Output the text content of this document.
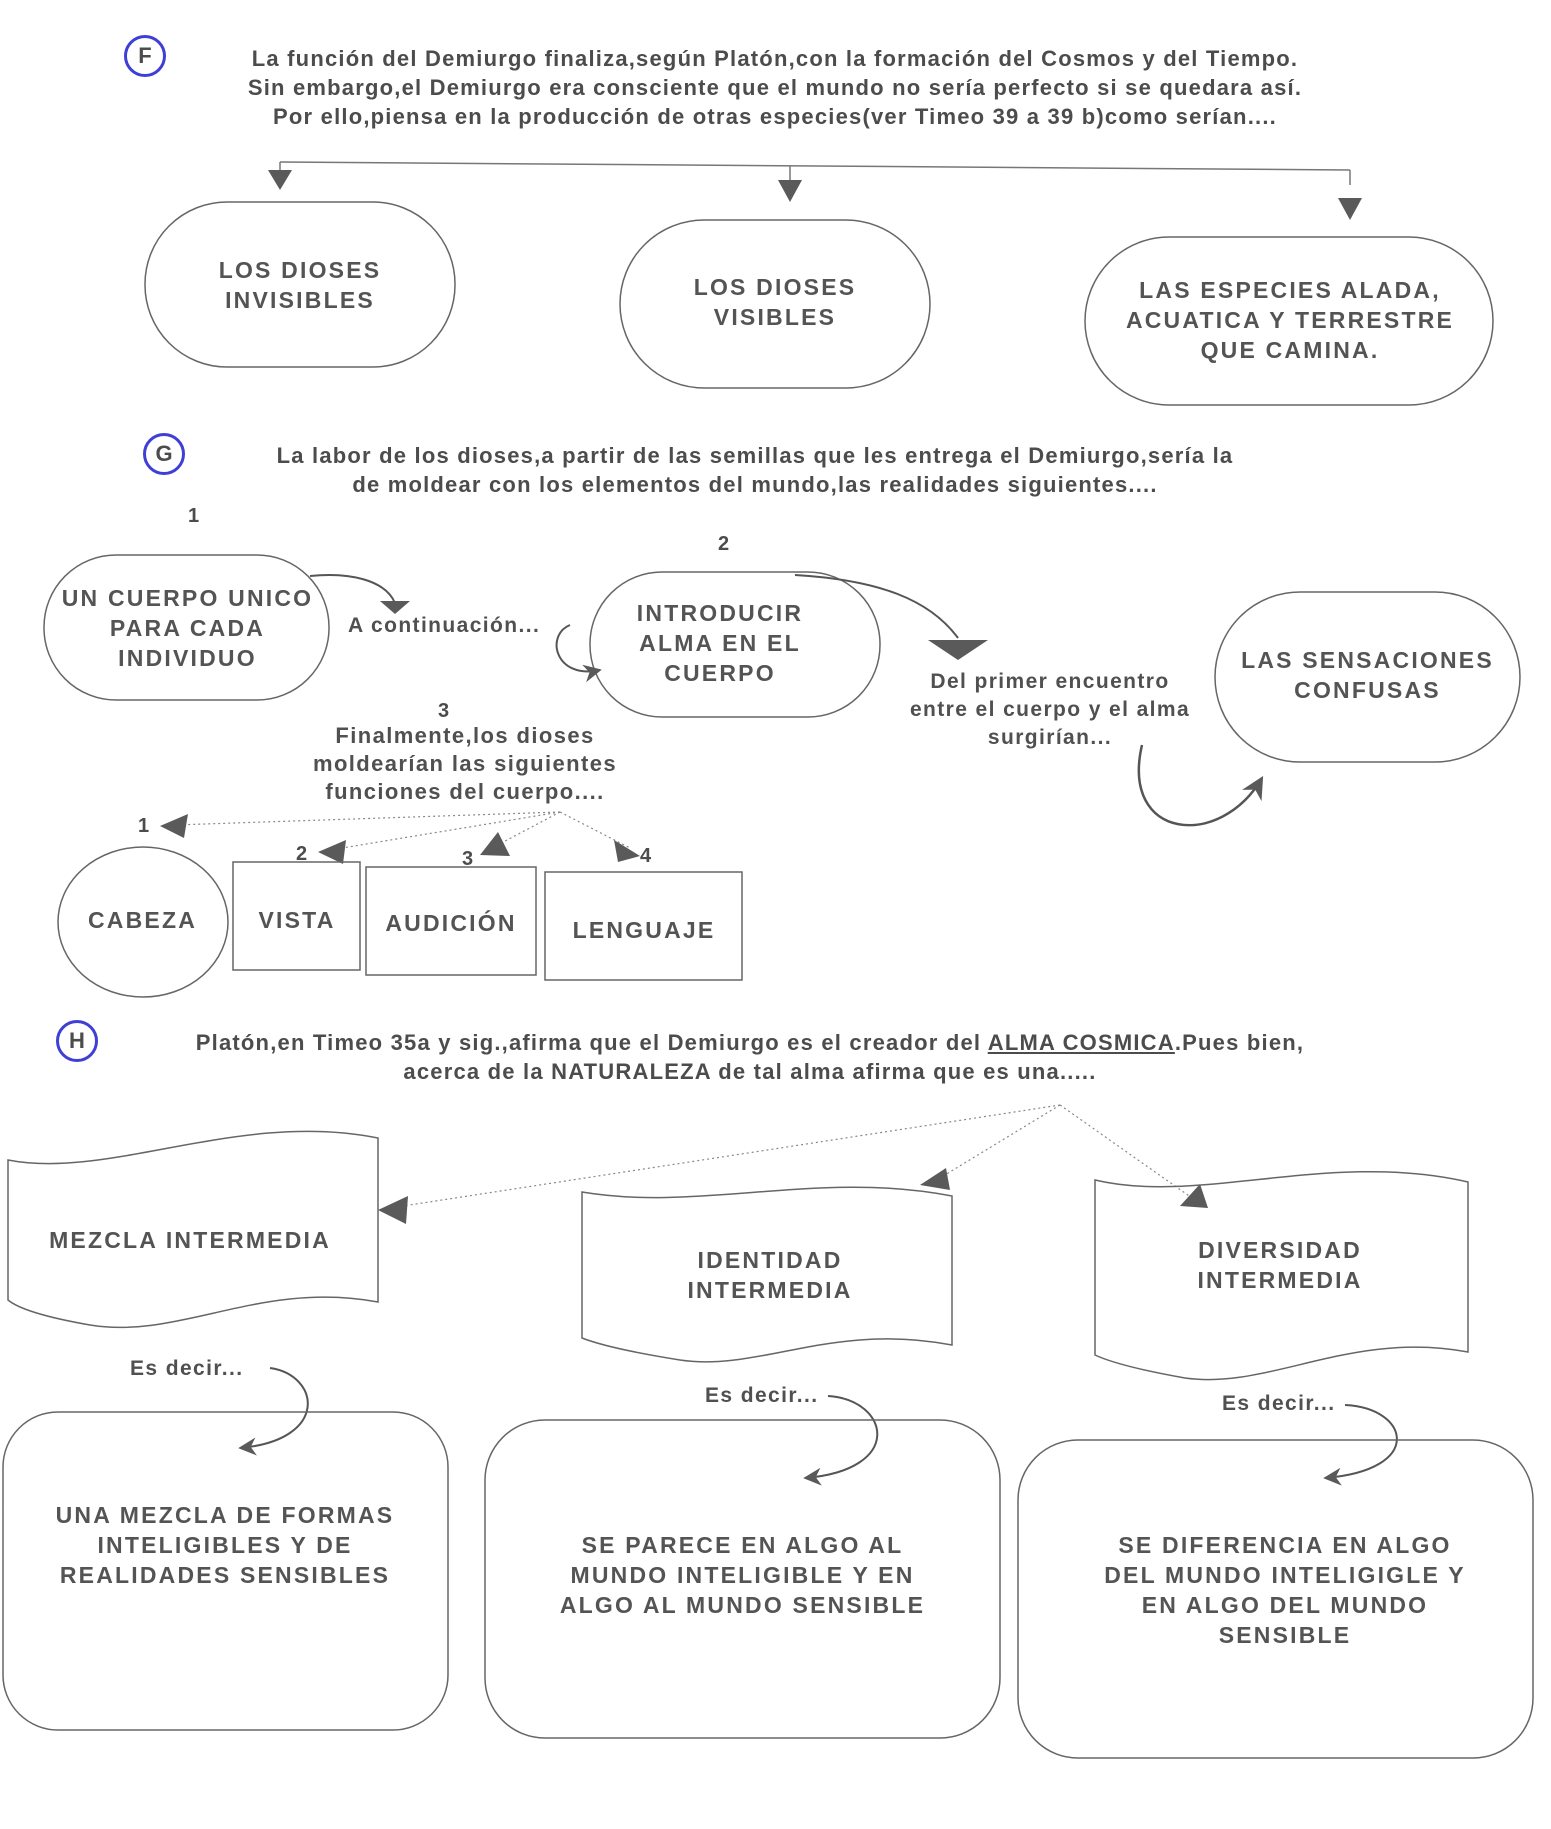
F	La función del Demiurgo finaliza,según Platón,con la formación del Cosmos y del Tiempo.
Sin embargo,el Demiurgo era consciente que el mundo no sería perfecto si se quedara así.
Por ello,piensa en la producción de otras especies(ver Timeo 39 a 39 b)como serían....
LOS DIOSES INVISIBLES	LOS DIOSES VISIBLES
LAS ESPECIES ALADA, ACUATICA Y TERRESTRE QUE CAMINA.
G	La labor de los dioses,a partir de las semillas que les entrega el Demiurgo,sería la
de moldear con los elementos del mundo,las realidades siguientes....
1
UN CUERPO UNICO PARA CADA INDIVIDUO
A continuación...
2
INTRODUCIR ALMA EN EL CUERPO	Del primer encuentro entre el cuerpo y el alma surgirían...
LAS SENSACIONES CONFUSAS
3
Finalmente,los dioses moldearían las siguientes funciones del cuerpo....
1
2	3	4
CABEZA	VISTA	AUDICIÓN	LENGUAJE
H	Platón,en Timeo 35a y sig.,afirma que el Demiurgo es el creador del ALMA COSMICA.Pues bien,
acerca de la NATURALEZA de tal alma afirma que es una.....
MEZCLA INTERMEDIA
IDENTIDAD INTERMEDIA
DIVERSIDAD INTERMEDIA
Es decir...
Es decir...	Es decir...
UNA MEZCLA DE FORMAS INTELIGIBLES Y DE REALIDADES SENSIBLES
SE PARECE EN ALGO AL MUNDO INTELIGIBLE Y EN ALGO AL MUNDO SENSIBLE
SE DIFERENCIA EN ALGO DEL MUNDO INTELIGIGLE Y EN ALGO DEL MUNDO SENSIBLE
